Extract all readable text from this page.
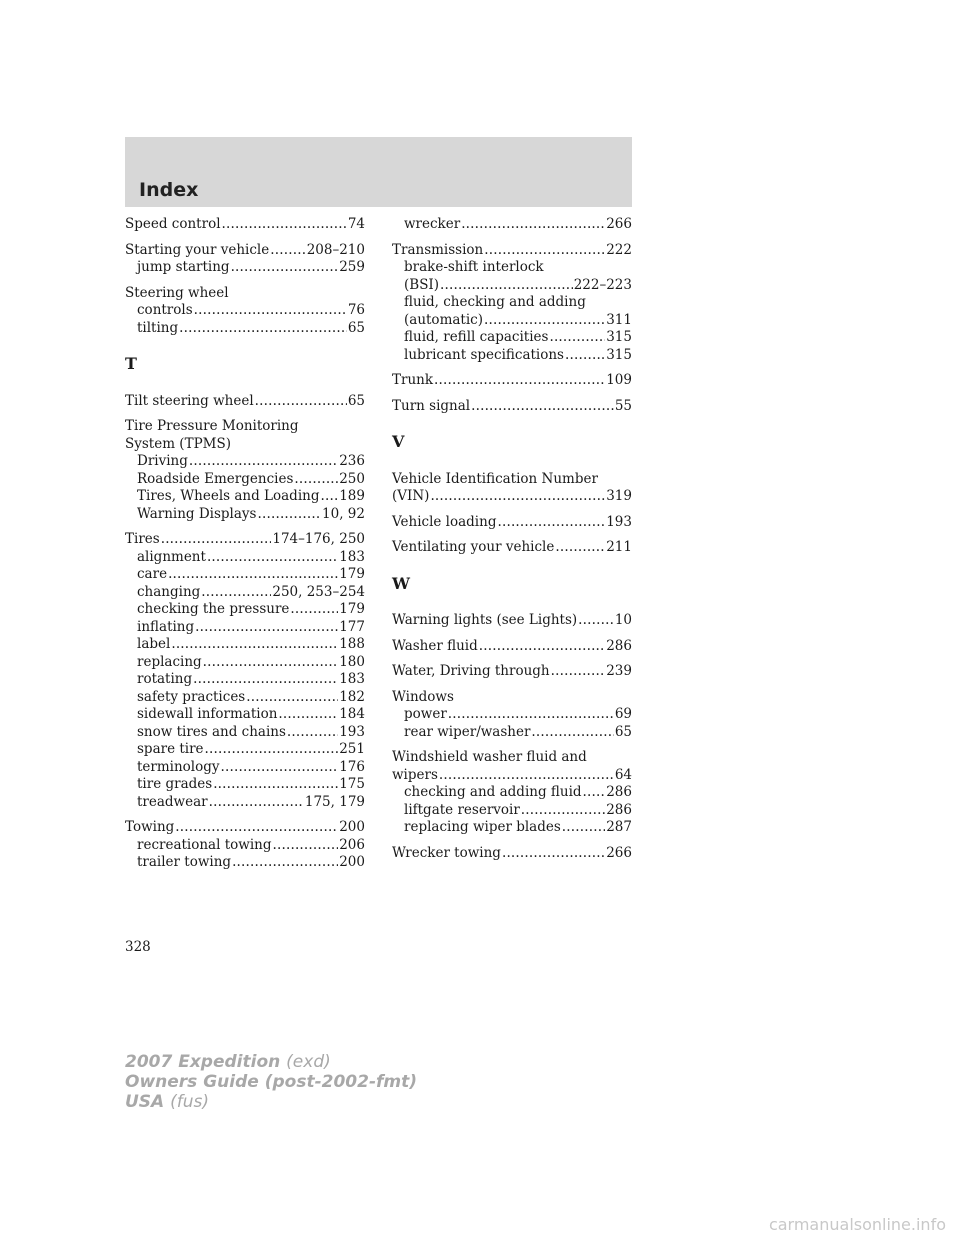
Index
Speed control .....	74
Starting your vehicle .....	208–210
jump starting .....	259
Steering wheel
controls .....	76
tilting .....	65
T
Tilt steering wheel .....	65
Tire Pressure Monitoring
System (TPMS)
Driving .....	236
Roadside Emergencies .....	250
Tires, Wheels and Loading ..... 189
Warning Displays .....	10, 92
Tires .....	174–176, 250
alignment .....	183
care .....	179
changing .....	250, 253–254
checking the pressure .....	179
inflating .....	177
label .....	188
replacing .....	180
rotating .....	183
safety practices .....	182
sidewall information .....	184
snow tires and chains .....	193
spare tire .....	251
terminology .....	176
tire grades .....	175
treadwear .....	175, 179
Towing .....	200
recreational towing .....	206
trailer towing .....	200
wrecker .....	266
Transmission .....	222
brake-shift interlock
(BSI) .....	222–223
fluid, checking and adding
(automatic) .....	311
fluid, refill capacities .....	315
lubricant specifications .....	315
Trunk .....	109
Turn signal .....	55
V
Vehicle Identification Number
(VIN) .....	319
Vehicle loading .....	193
Ventilating your vehicle .....	211
W
Warning lights (see Lights) .....	10
Washer fluid .....	286
Water, Driving through .....	239
Windows
power .....	69
rear wiper/washer .....	65
Windshield washer fluid and
wipers .....	64
checking and adding fluid ..... 286
liftgate reservoir .....	286
replacing wiper blades .....	287
Wrecker towing .....	266
328
2007 Expedition (exd)
Owners Guide (post-2002-fmt)
USA (fus)
carmanualsonline.info
